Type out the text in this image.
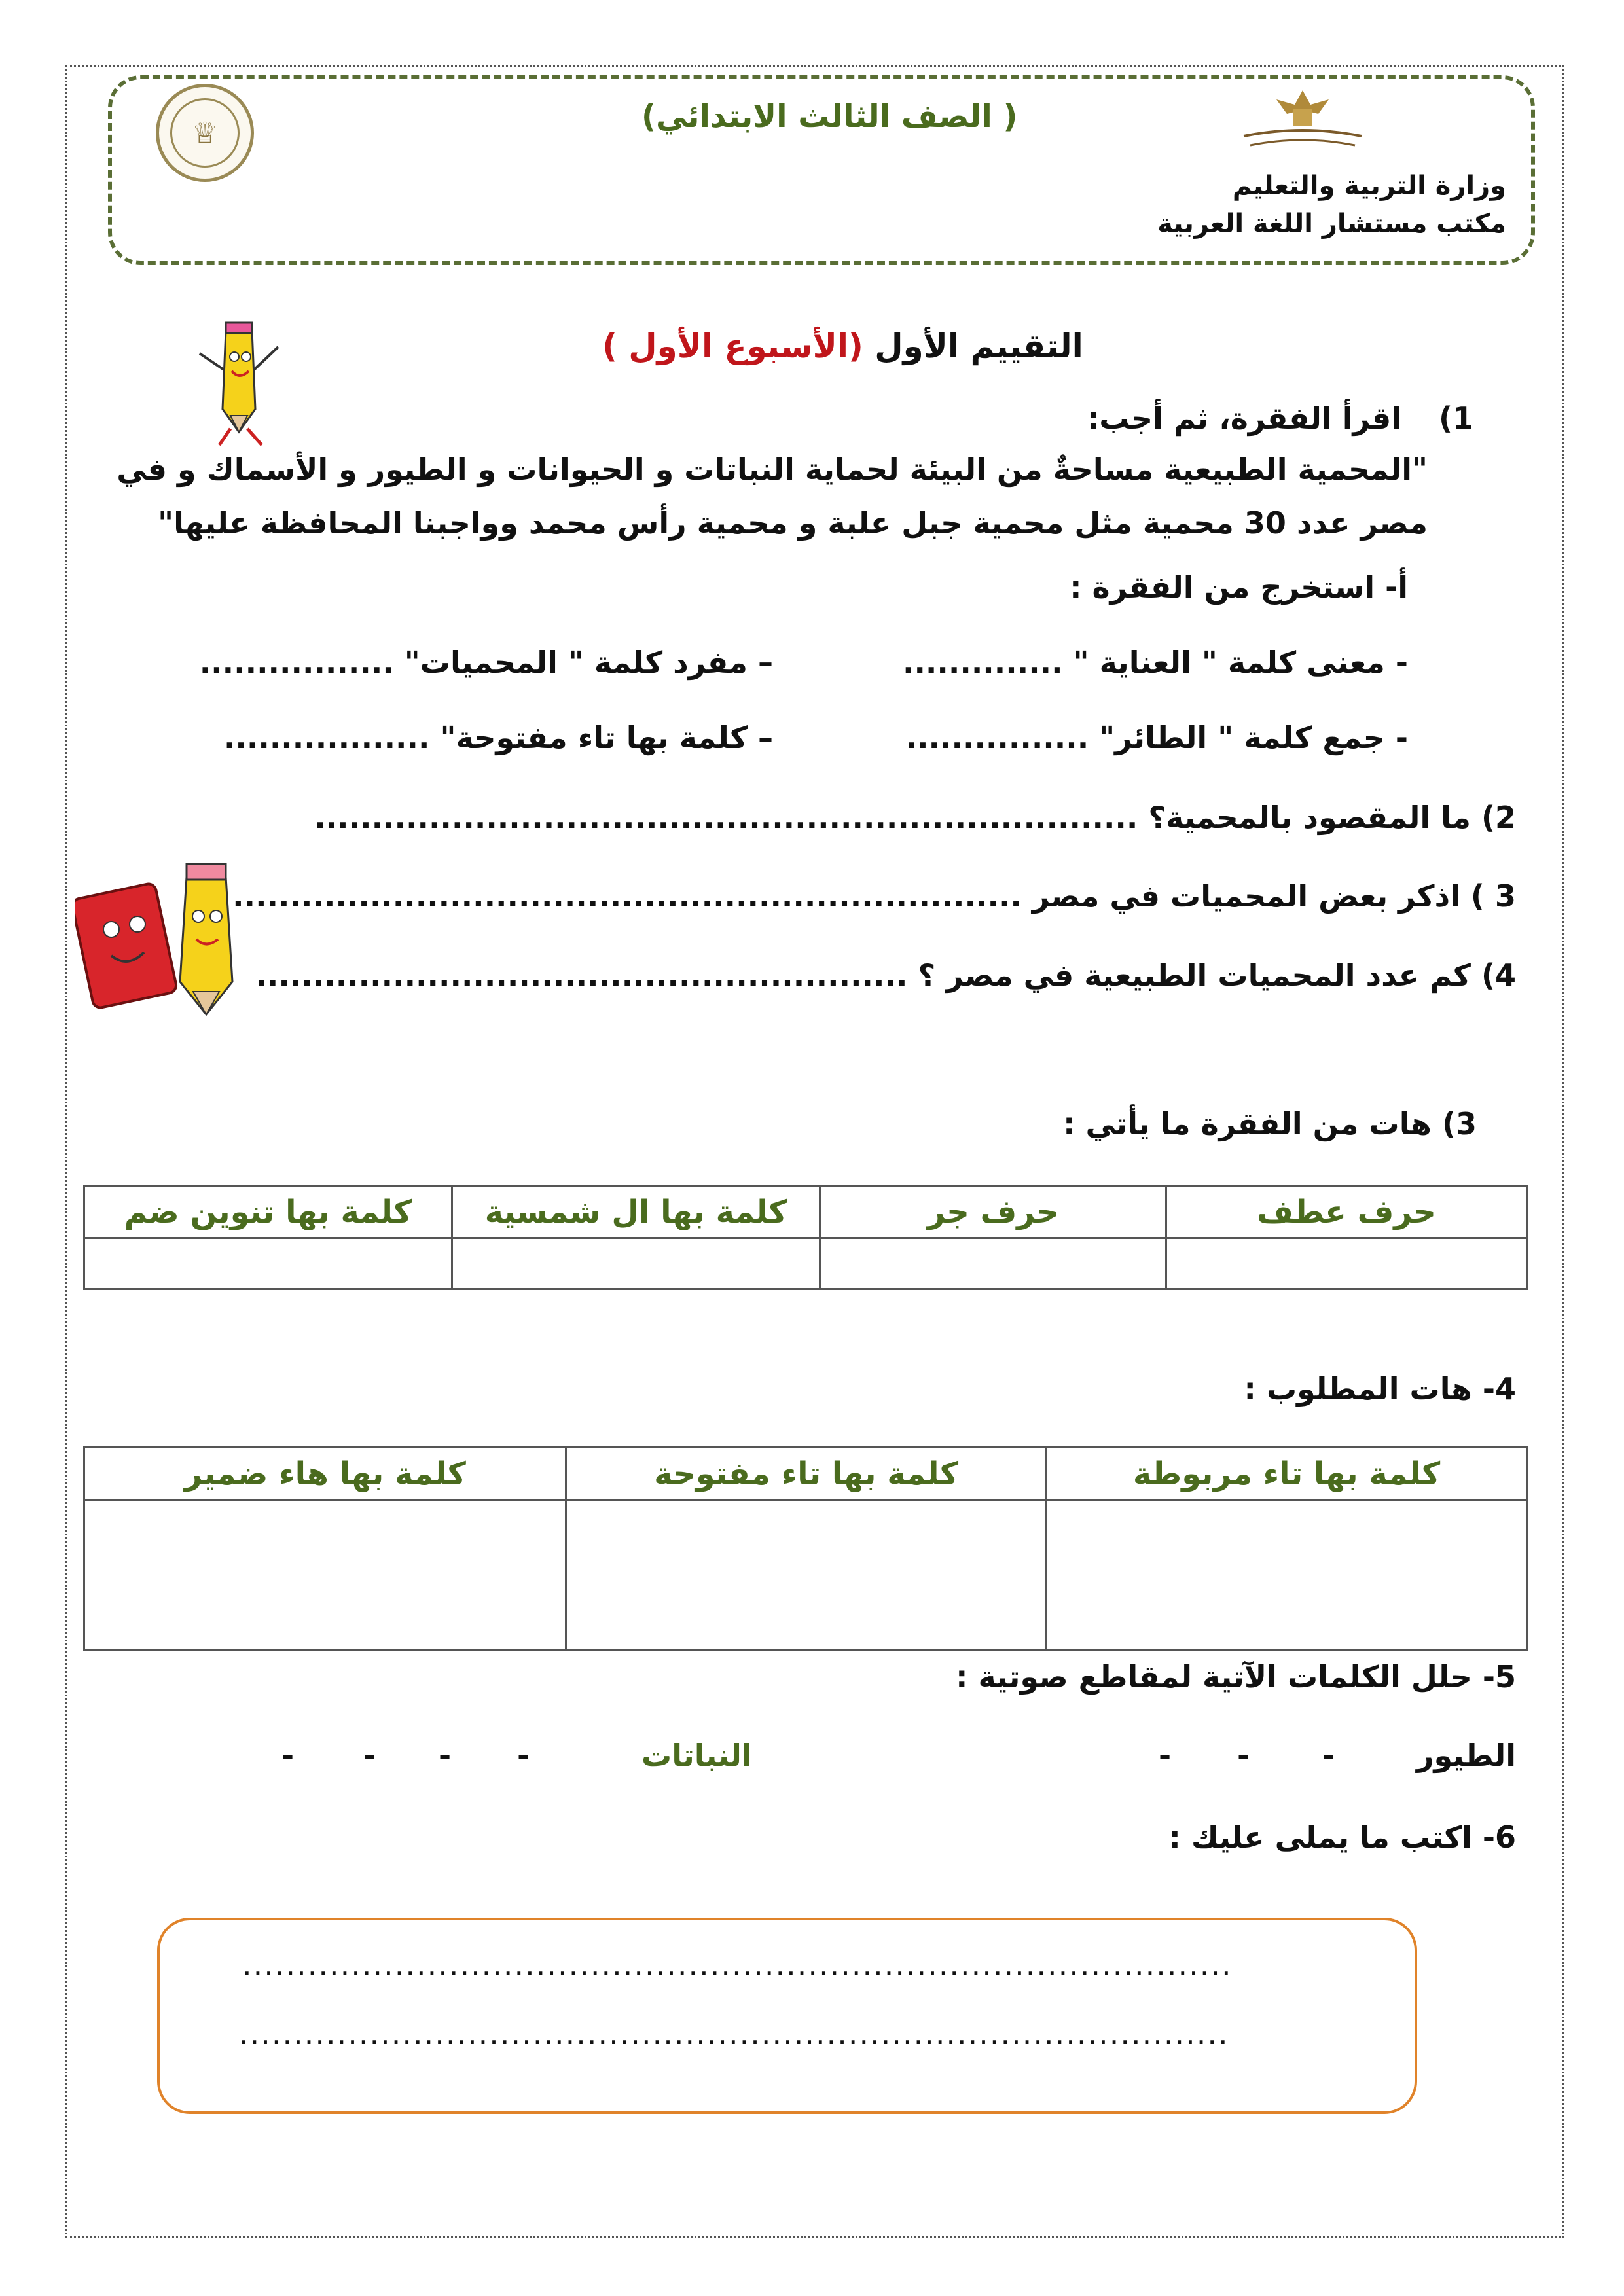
♕	( الصف الثالث الابتدائي)
وزارة التربية والتعليم
مكتب مستشار اللغة العربية
التقييم الأول (الأسبوع الأول )
1)
اقرأ الفقرة، ثم أجب:
"المحمية الطبيعية مساحةٌ من البيئة لحماية النباتات و الحيوانات و الطيور و الأسماك و في
مصر عدد 30 محمية مثل محمية جبل علبة و محمية رأس محمد وواجبنا المحافظة عليها"
أ- استخرج من الفقرة :
- معنى كلمة " العناية " ..............
– مفرد كلمة " المحميات" .................
- جمع كلمة " الطائر" ................
– كلمة بها تاء مفتوحة" ..................
2) ما المقصود بالمحمية؟ ........................................................................
3 ) اذكر بعض المحميات في مصر .....................................................................
4) كم عدد المحميات الطبيعية في مصر ؟ .........................................................
3) هات من الفقرة ما يأتي :
حرف عطف	حرف جر	كلمة بها ال شمسية	كلمة بها تنوين ضم

4- هات المطلوب :
كلمة بها تاء مربوطة	كلمة بها تاء مفتوحة	كلمة بها هاء ضمير

5- حلل الكلمات الآتية لمقاطع صوتية :
الطيور
-
-
-
النباتات
-
-
-
-
6- اكتب ما يملى عليك :
...........................................................................................
...........................................................................................
